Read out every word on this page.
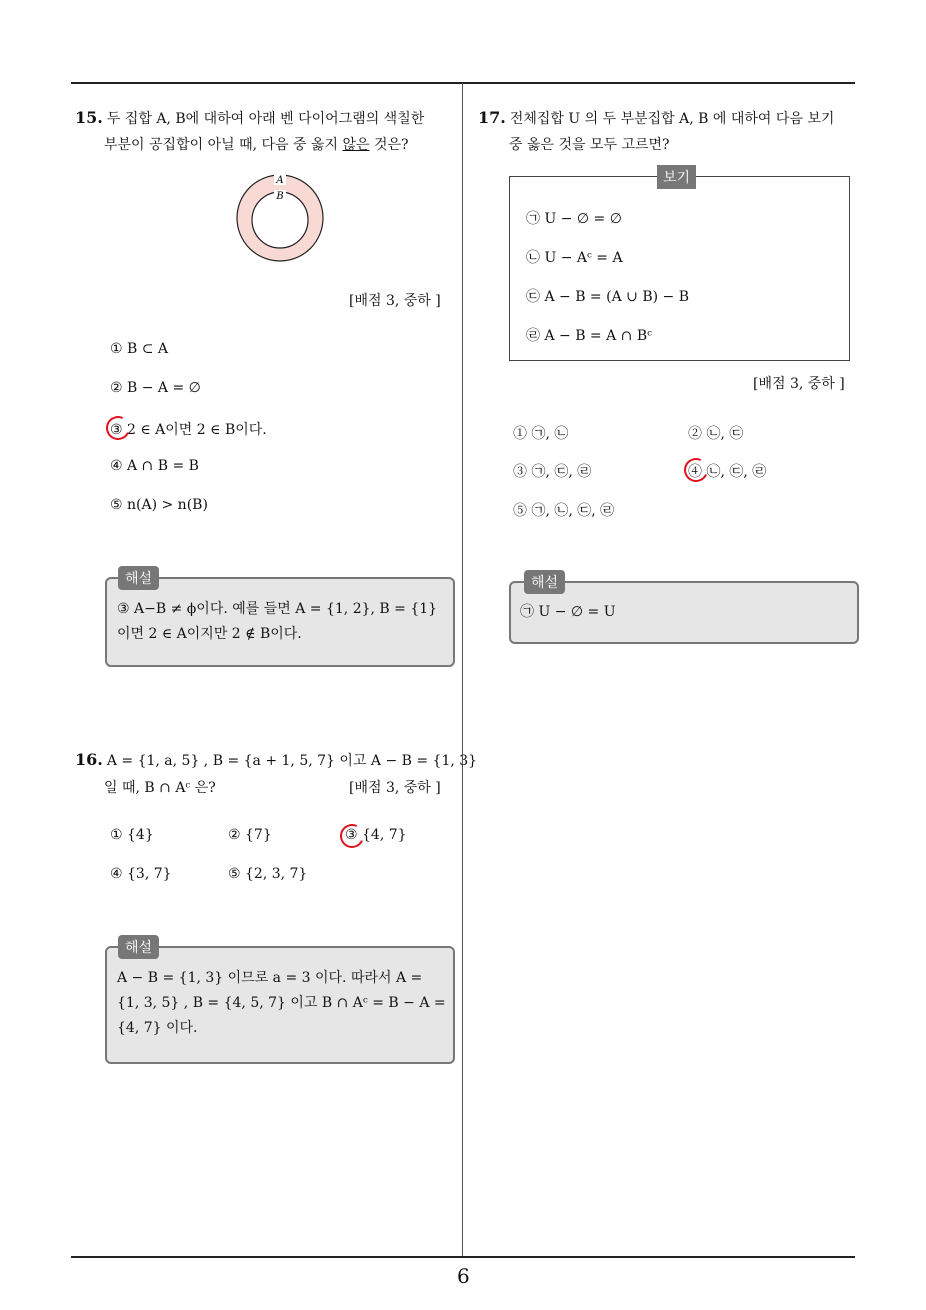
6
15. 두 집합 A, B에 대하여 아래 벤 다이어그램의 색칠한
부분이 공집합이 아닐 때, 다음 중 옳지 않은 것은?
A
B
[배점 3, 중하 ]
① B ⊂ A
② B − A = ∅
③ 2 ∈ A이면 2 ∈ B이다.
④ A ∩ B = B
⑤ n(A) > n(B)
해설
③ A−B ≠ ϕ이다. 예를 들면 A = {1, 2}, B = {1}
이면 2 ∈ A이지만 2 ∉ B이다.
16. A = {1, a, 5} , B = {a + 1, 5, 7} 이고 A − B = {1, 3}
일 때, B ∩ Aᶜ 은?	[배점 3, 중하 ]
① {4}	② {7}	③ {4, 7}
④ {3, 7}	⑤ {2, 3, 7}
해설
A − B = {1, 3} 이므로 a = 3 이다. 따라서 A =
{1, 3, 5} , B = {4, 5, 7} 이고 B ∩ Aᶜ = B − A =
{4, 7} 이다.
17. 전체집합 U 의 두 부분집합 A, B 에 대하여 다음 보기
중 옳은 것을 모두 고르면?
보기
㉠ U − ∅ = ∅
㉡ U − Aᶜ = A
㉢ A − B = (A ∪ B) − B
㉣ A − B = A ∩ Bᶜ
[배점 3, 중하 ]
① ㉠, ㉡	② ㉡, ㉢
③ ㉠, ㉢, ㉣	④ ㉡, ㉢, ㉣
⑤ ㉠, ㉡, ㉢, ㉣
해설
㉠ U − ∅ = U
